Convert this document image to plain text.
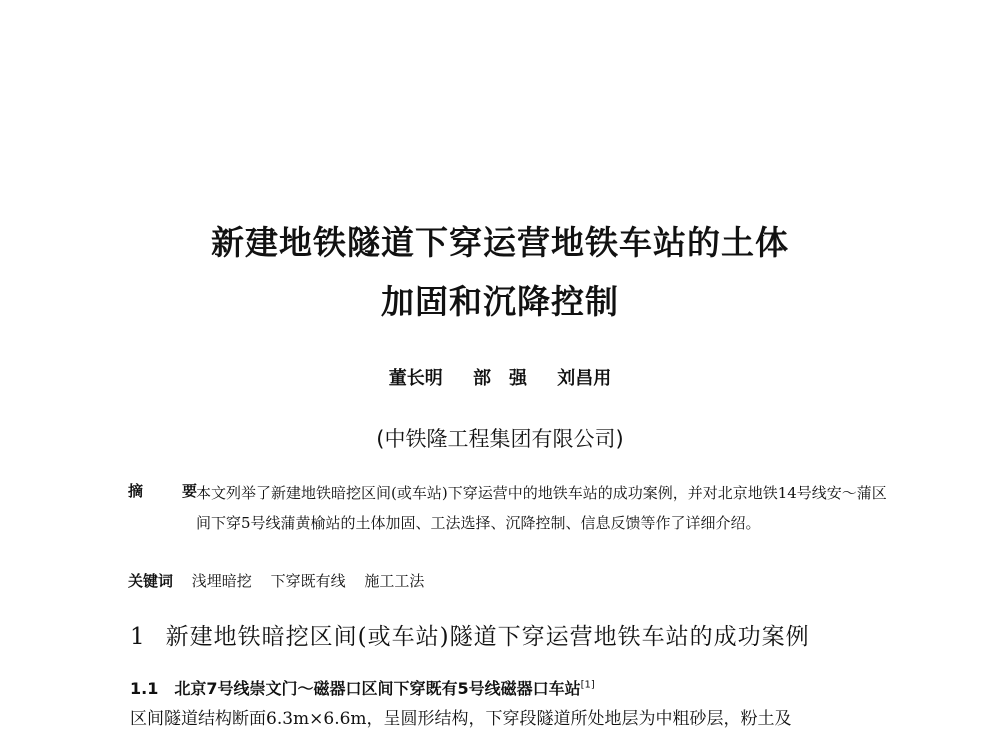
新建地铁隧道下穿运营地铁车站的土体
加固和沉降控制
董长明 部　强 刘昌用
(中铁隆工程集团有限公司)
摘　要
本文列举了新建地铁暗挖区间(或车站)下穿运营中的地铁车站的成功案例，并对北京地铁14号线安～蒲区间下穿5号线蒲黄榆站的土体加固、工法选择、沉降控制、信息反馈等作了详细介绍。
关键词 浅埋暗挖 下穿既有线 施工工法
1 新建地铁暗挖区间(或车站)隧道下穿运营地铁车站的成功案例
1.1 北京7号线崇文门～磁器口区间下穿既有5号线磁器口车站[1]
区间隧道结构断面6.3m×6.6m，呈圆形结构，下穿段隧道所处地层为中粗砂层，粉土及
